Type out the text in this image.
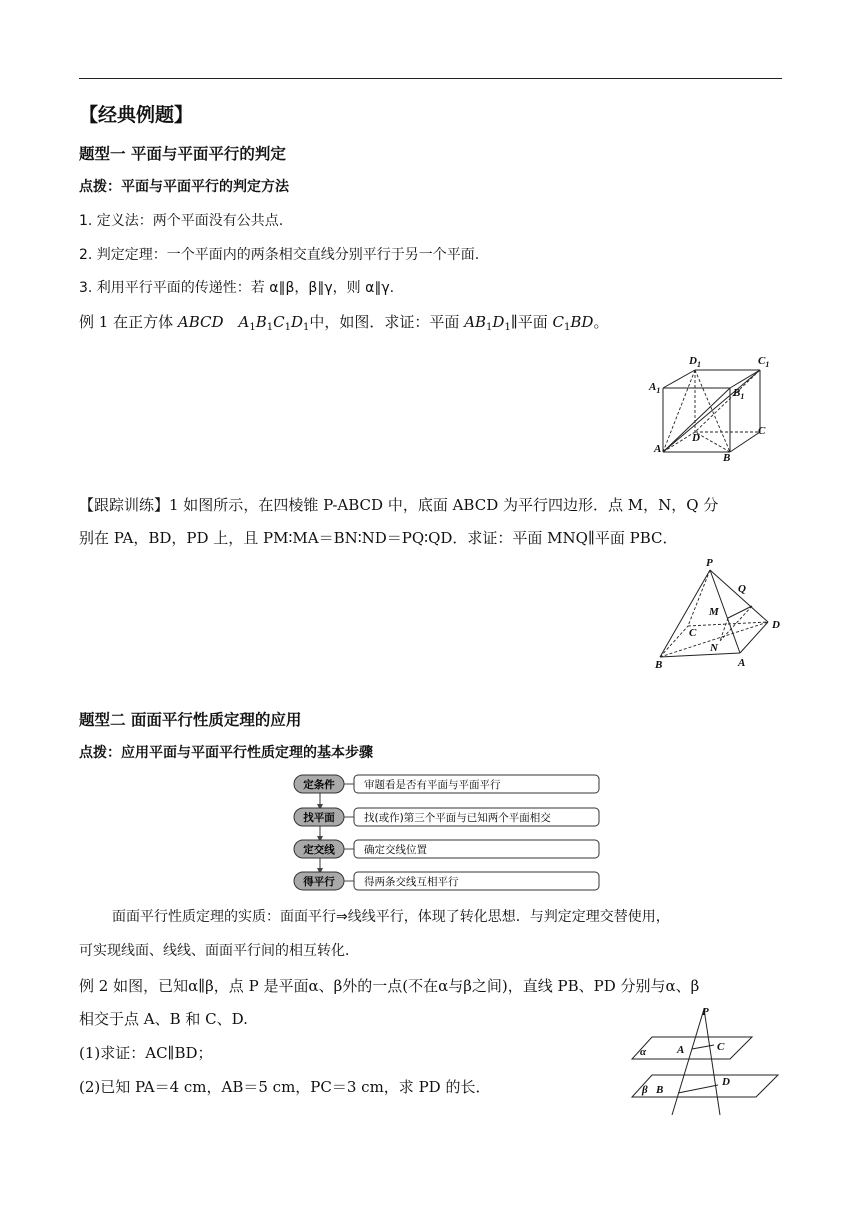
【经典例题】
题型一 平面与平面平行的判定
点拨：平面与平面平行的判定方法
1. 定义法：两个平面没有公共点.
2. 判定定理：一个平面内的两条相交直线分别平行于另一个平面.
3. 利用平行平面的传递性：若 α∥β，β∥γ，则 α∥γ.
例 1 在正方体 ABCD  $A_1B_1C_1D_1$中，如图．求证：平面 $AB_1D_1\parallel$平面 $C_1BD$。
$D_1$	$C_1$
$A_1$	$B_1$
D
C
A
B
【跟踪训练】1 如图所示，在四棱锥 P-ABCD 中，底面 ABCD 为平行四边形．点 M，N，Q 分
别在 PA，BD，PD 上，且 PM∶MA＝BN∶ND＝PQ∶QD．求证：平面 MNQ∥平面 PBC．
P
Q
M
C
D
N
B	A
题型二 面面平行性质定理的应用
点拨：应用平面与平面平行性质定理的基本步骤
定条件	审题看是否有平面与平面平行
找平面	找(或作)第三个平面与已知两个平面相交
定交线	确定交线位置
得平行	得两条交线互相平行
面面平行性质定理的实质：面面平行⇒线线平行，体现了转化思想．与判定定理交替使用，
可实现线面、线线、面面平行间的相互转化．
例 2 如图，已知α∥β，点 P 是平面α、β外的一点(不在α与β之间)，直线 PB、PD 分别与α、β
相交于点 A、B 和 C、D.
(1)求证：AC∥BD；
(2)已知 PA＝4 cm，AB＝5 cm，PC＝3 cm，求 PD 的长．
P
α	A	C
β B
D
